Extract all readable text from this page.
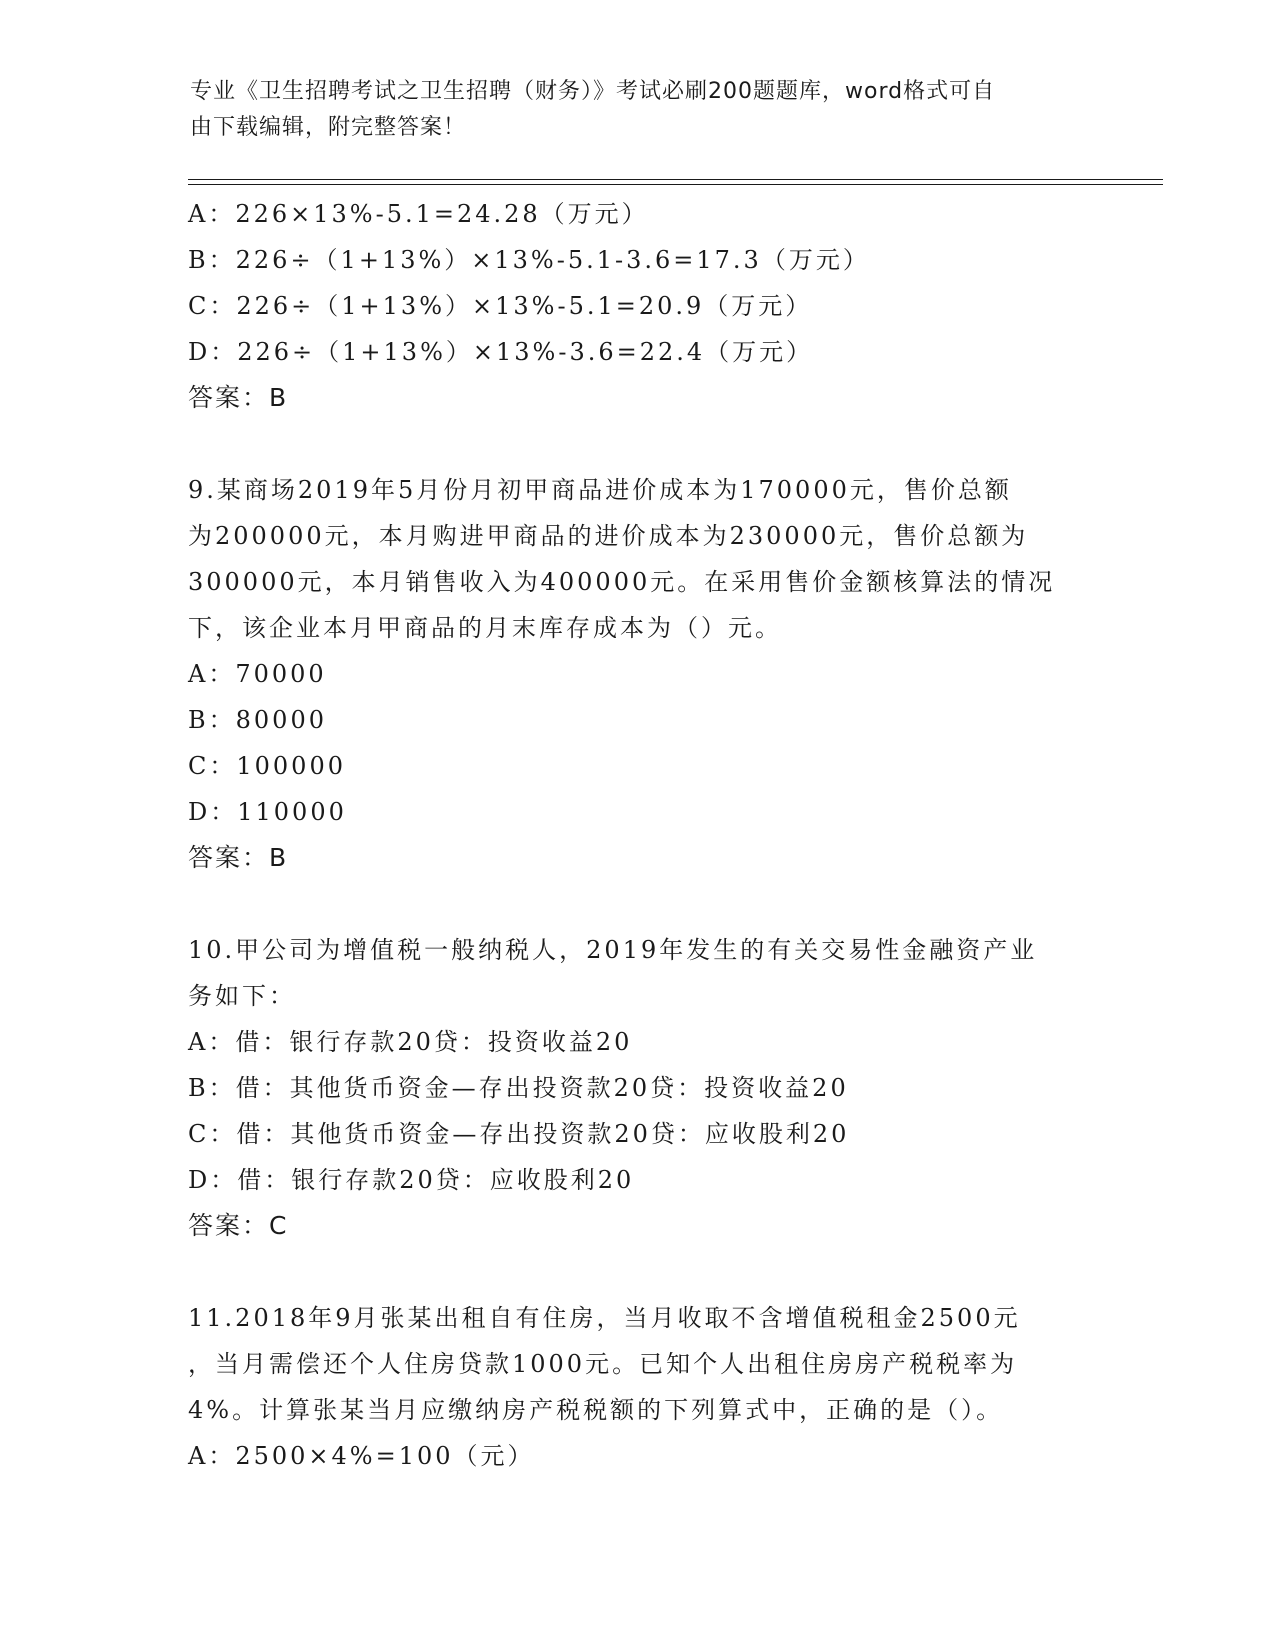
专业《卫生招聘考试之卫生招聘（财务）》考试必刷200题题库，word格式可自
由下载编辑，附完整答案！
A：226×13%-5.1=24.28（万元）
B：226÷（1+13%）×13%-5.1-3.6=17.3（万元）
C：226÷（1+13%）×13%-5.1=20.9（万元）
D：226÷（1+13%）×13%-3.6=22.4（万元）
答案：B
9.某商场2019年5月份月初甲商品进价成本为170000元，售价总额
为200000元，本月购进甲商品的进价成本为230000元，售价总额为
300000元，本月销售收入为400000元。在采用售价金额核算法的情况
下，该企业本月甲商品的月末库存成本为（）元。
A：70000
B：80000
C：100000
D：110000
答案：B
10.甲公司为增值税一般纳税人，2019年发生的有关交易性金融资产业
务如下：
A：借：银行存款20贷：投资收益20
B：借：其他货币资金—存出投资款20贷：投资收益20
C：借：其他货币资金—存出投资款20贷：应收股利20
D：借：银行存款20贷：应收股利20
答案：C
11.2018年9月张某出租自有住房，当月收取不含增值税租金2500元
，当月需偿还个人住房贷款1000元。已知个人出租住房房产税税率为
4%。计算张某当月应缴纳房产税税额的下列算式中，正确的是（）。
A：2500×4%=100（元）
